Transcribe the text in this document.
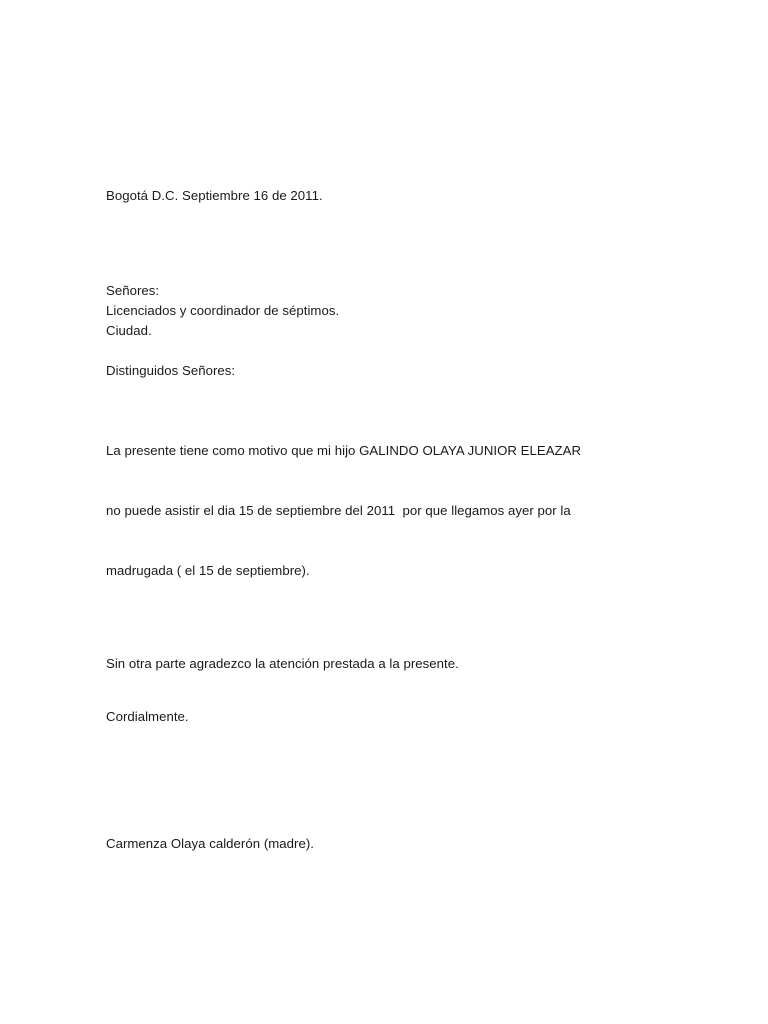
Bogotá D.C. Septiembre 16 de 2011.
Señores:
Licenciados y coordinador de séptimos.
Ciudad.
Distinguidos Señores:

La presente tiene como motivo que mi hijo GALINDO OLAYA JUNIOR ELEAZAR

no puede asistir el dia 15 de septiembre del 2011  por que llegamos ayer por la

madrugada ( el 15 de septiembre).

Sin otra parte agradezco la atención prestada a la presente.
Cordialmente.
Carmenza Olaya calderón (madre).
